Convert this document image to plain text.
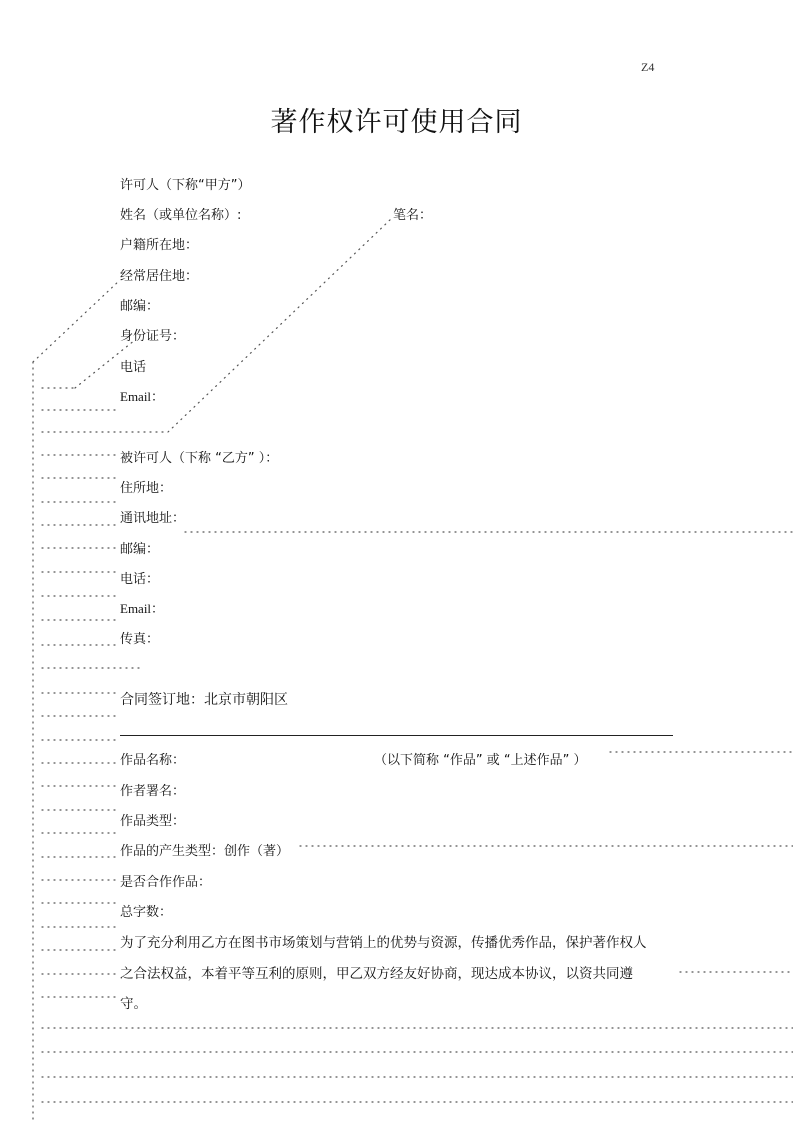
Z4
著作权许可使用合同
许可人（下称“甲方”）
姓名（或单位名称）:	笔名：
户籍所在地：
经常居住地：
邮编：
身份证号：
电话
Email：
被许可人（下称 “乙方” ）：
住所地：
通讯地址：
邮编：
电话：
Email：
传真：
合同签订地：北京市朝阳区
作品名称：	（以下简称 “作品” 或 “上述作品” ）
作者署名：
作品类型：
作品的产生类型：创作（著）
是否合作作品：
总字数：
为了充分利用乙方在图书市场策划与营销上的优势与资源，传播优秀作品，保护著作权人
之合法权益，本着平等互利的原则，甲乙双方经友好协商，现达成本协议，以资共同遵
守。
